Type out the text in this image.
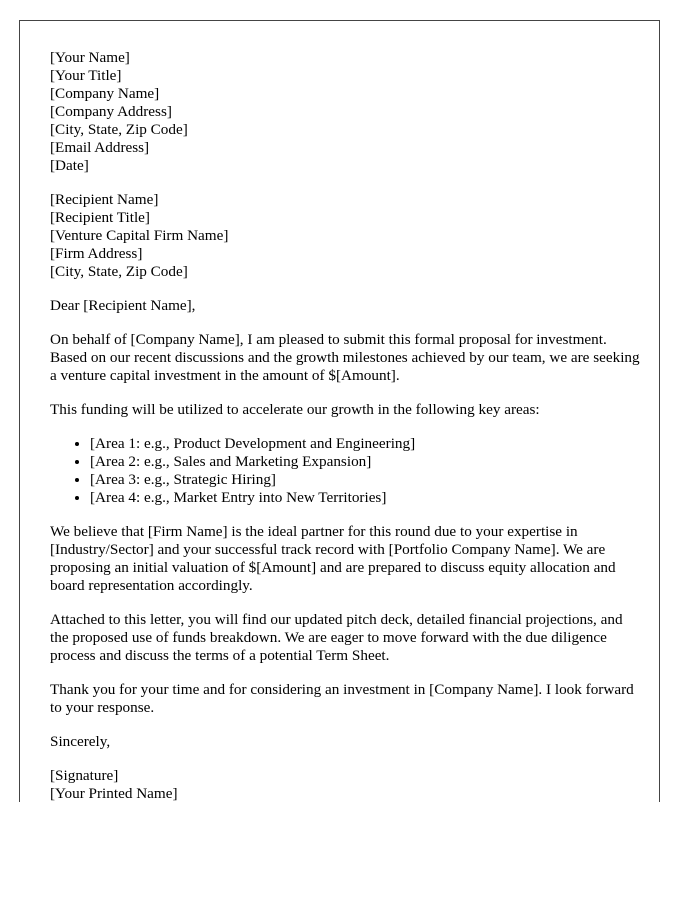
[Your Name]
[Your Title]
[Company Name]
[Company Address]
[City, State, Zip Code]
[Email Address]
[Date]
[Recipient Name]
[Recipient Title]
[Venture Capital Firm Name]
[Firm Address]
[City, State, Zip Code]

Dear [Recipient Name],

On behalf of [Company Name], I am pleased to submit this formal proposal for investment. Based on our recent discussions and the growth milestones achieved by our team, we are seeking a venture capital investment in the amount of $[Amount].

This funding will be utilized to accelerate our growth in the following key areas:

• [Area 1: e.g., Product Development and Engineering]
• [Area 2: e.g., Sales and Marketing Expansion]
• [Area 3: e.g., Strategic Hiring]
• [Area 4: e.g., Market Entry into New Territories]

We believe that [Firm Name] is the ideal partner for this round due to your expertise in [Industry/Sector] and your successful track record with [Portfolio Company Name]. We are proposing an initial valuation of $[Amount] and are prepared to discuss equity allocation and board representation accordingly.

Attached to this letter, you will find our updated pitch deck, detailed financial projections, and the proposed use of funds breakdown. We are eager to move forward with the due diligence process and discuss the terms of a potential Term Sheet.

Thank you for your time and for considering an investment in [Company Name]. I look forward to your response.

Sincerely,

[Signature]
[Your Printed Name]
